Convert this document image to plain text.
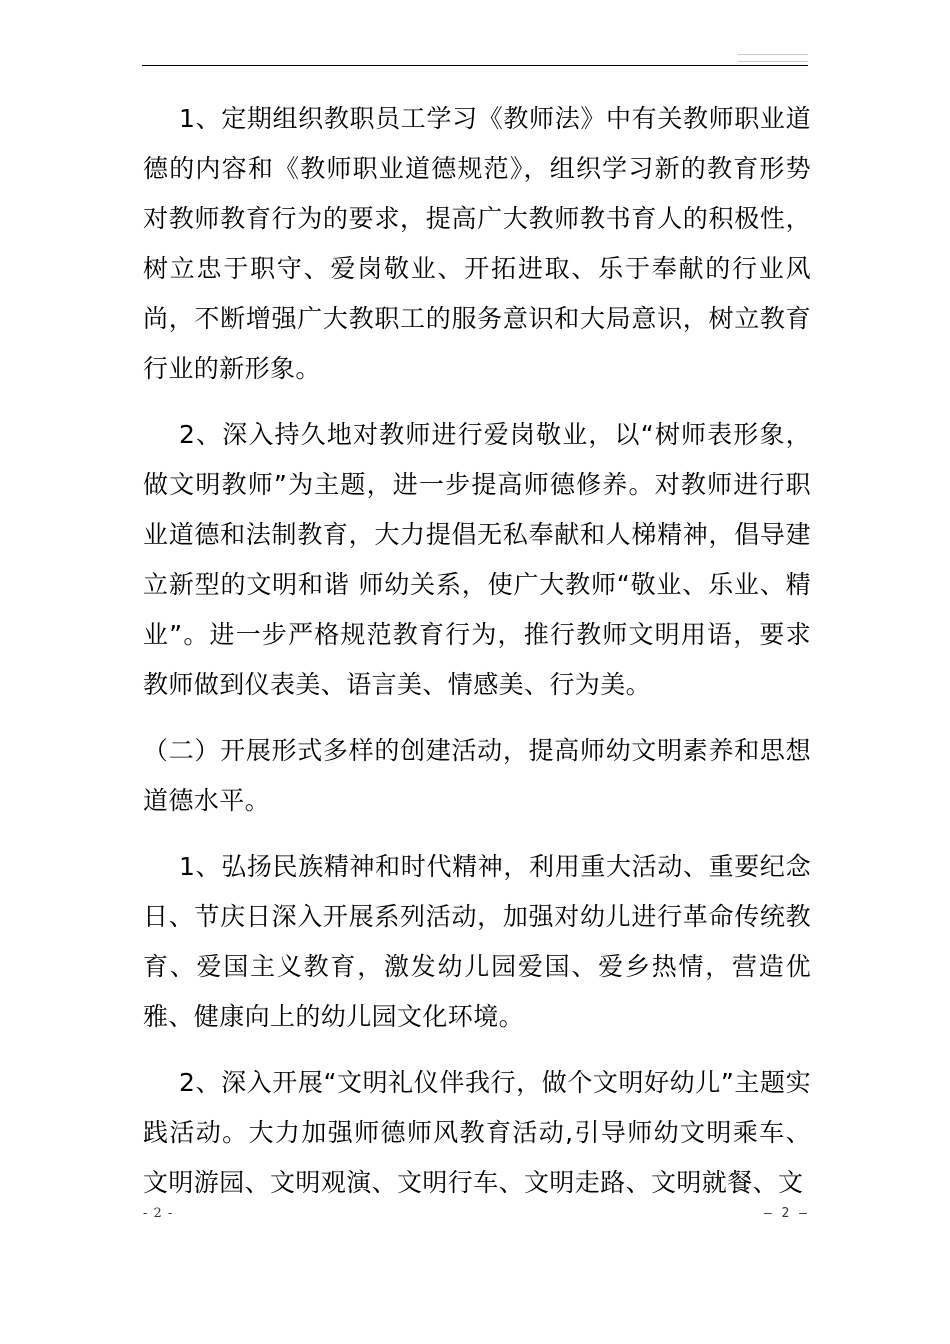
1、定期组织教职员工学习《教师法》中有关教师职业道德的内容和《教师职业道德规范》，组织学习新的教育形势对教师教育行为的要求，提高广大教师教书育人的积极性，树立忠于职守、爱岗敬业、开拓进取、乐于奉献的行业风尚，不断增强广大教职工的服务意识和大局意识，树立教育行业的新形象。

2、深入持久地对教师进行爱岗敬业，以“树师表形象，做文明教师”为主题，进一步提高师德修养。对教师进行职业道德和法制教育，大力提倡无私奉献和人梯精神，倡导建立新型的文明和谐 师幼关系，使广大教师“敬业、乐业、精业”。进一步严格规范教育行为，推行教师文明用语，要求教师做到仪表美、语言美、情感美、行为美。

（二）开展形式多样的创建活动，提高师幼文明素养和思想道德水平。

1、弘扬民族精神和时代精神，利用重大活动、重要纪念日、节庆日深入开展系列活动，加强对幼儿进行革命传统教育、爱国主义教育，激发幼儿园爱国、爱乡热情，营造优雅、健康向上的幼儿园文化环境。

2、深入开展“文明礼仪伴我行，做个文明好幼儿”主题实践活动。大力加强师德师风教育活动,引导师幼文明乘车、文明游园、文明观演、文明行车、文明走路、文明就餐、文

- 2 -	– 2 –
